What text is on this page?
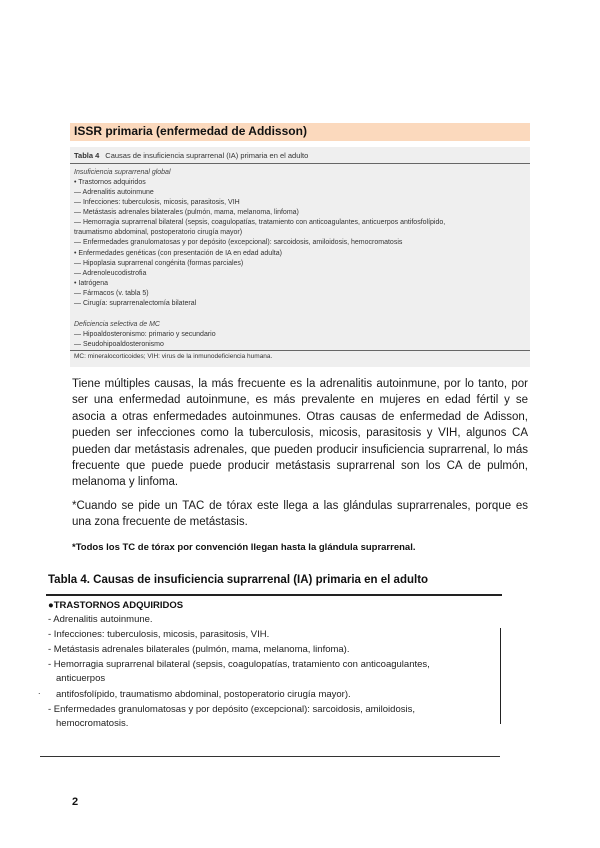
ISSR primaria (enfermedad de Addisson)
Tabla 4 Causas de insuficiencia suprarrenal (IA) primaria en el adulto
Insuficiencia suprarrenal global
• Trastornos adquiridos
— Adrenalitis autoinmune
— Infecciones: tuberculosis, micosis, parasitosis, VIH
— Metástasis adrenales bilaterales (pulmón, mama, melanoma, linfoma)
— Hemorragia suprarrenal bilateral (sepsis, coagulopatías, tratamiento con anticoagulantes, anticuerpos antifosfolípido,
traumatismo abdominal, postoperatorio cirugía mayor)
— Enfermedades granulomatosas y por depósito (excepcional): sarcoidosis, amiloidosis, hemocromatosis
• Enfermedades genéticas (con presentación de IA en edad adulta)
— Hipoplasia suprarrenal congénita (formas parciales)
— Adrenoleucodistrofia
• Iatrógena
— Fármacos (v. tabla 5)
— Cirugía: suprarrenalectomía bilateral
Deficiencia selectiva de MC
— Hipoaldosteronismo: primario y secundario
— Seudohipoaldosteronismo
MC: mineralocorticoides; VIH: virus de la inmunodeficiencia humana.
Tiene múltiples causas, la más frecuente es la adrenalitis autoinmune, por lo tanto, por ser una enfermedad autoinmune, es más prevalente en mujeres en edad fértil y se asocia a otras enfermedades autoinmunes. Otras causas de enfermedad de Adisson, pueden ser infecciones como la tuberculosis, micosis, parasitosis y VIH, algunos CA pueden dar metástasis adrenales, que pueden producir insuficiencia suprarrenal, lo más frecuente que puede puede producir metástasis suprarrenal son los CA de pulmón, melanoma y linfoma.
*Cuando se pide un TAC de tórax este llega a las glándulas suprarrenales, porque es una zona frecuente de metástasis.
*Todos los TC de tórax por convención llegan hasta la glándula suprarrenal.
Tabla 4. Causas de insuficiencia suprarrenal (IA) primaria en el adulto
●TRASTORNOS ADQUIRIDOS
- Adrenalitis autoinmune.
- Infecciones: tuberculosis, micosis, parasitosis, VIH.
- Metástasis adrenales bilaterales (pulmón, mama, melanoma, linfoma).
- Hemorragia suprarrenal bilateral (sepsis, coagulopatías, tratamiento con anticoagulantes,
anticuerpos
. antifosfolípido, traumatismo abdominal, postoperatorio cirugía mayor).
- Enfermedades granulomatosas y por depósito (excepcional): sarcoidosis, amiloidosis,
hemocromatosis.
2
